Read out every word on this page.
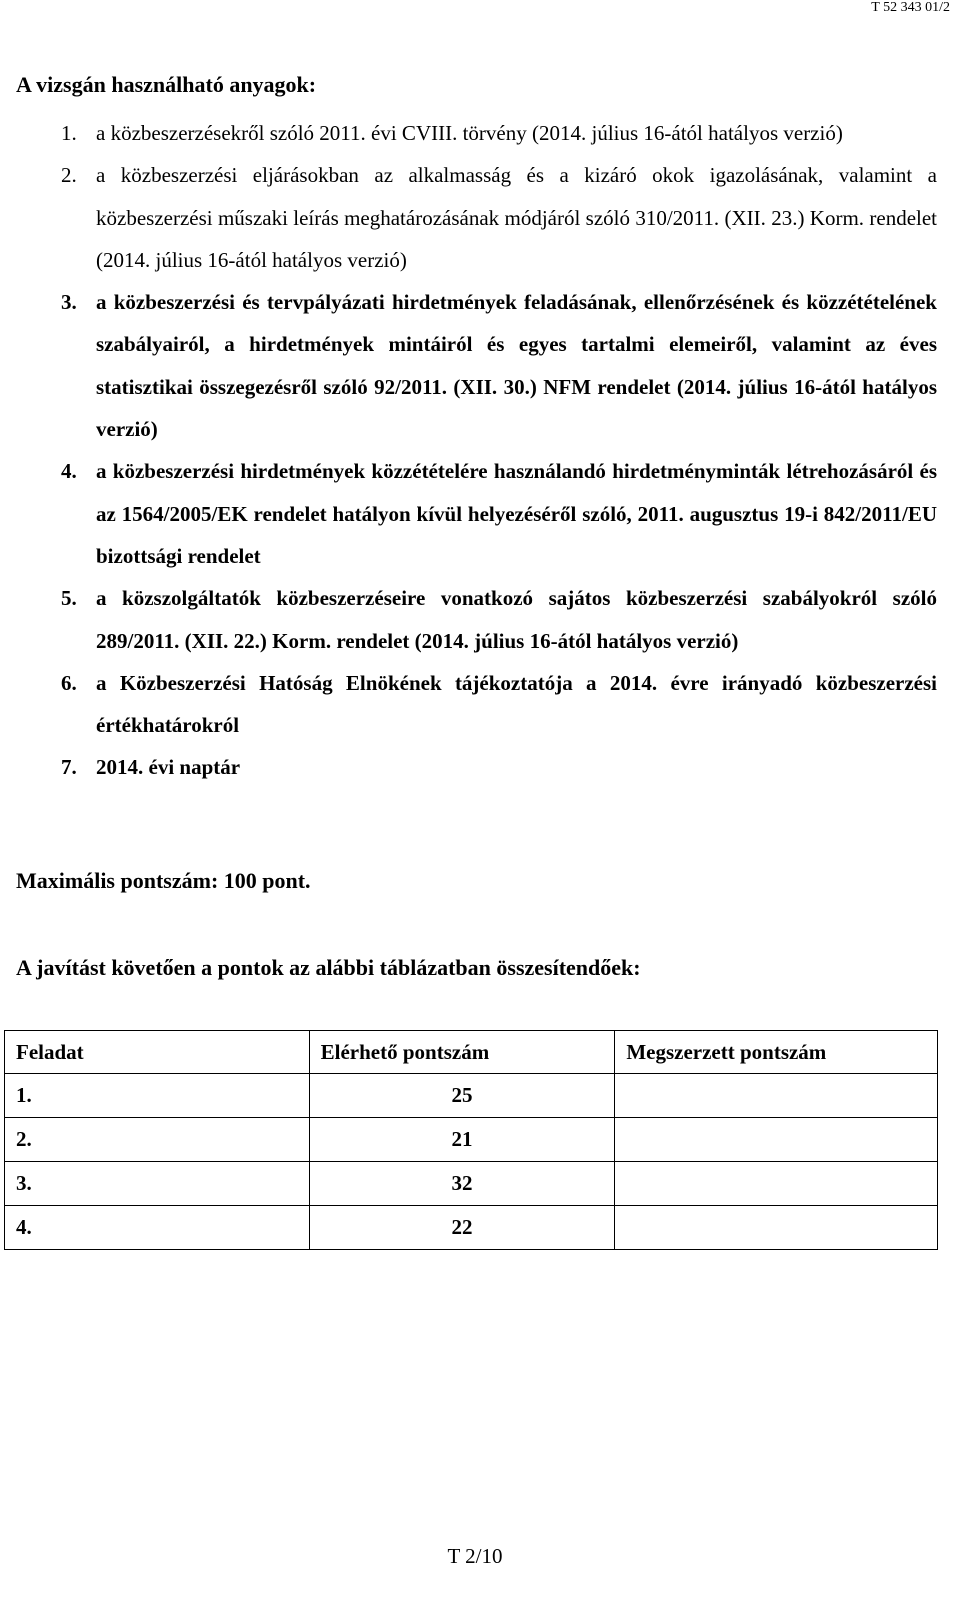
T 52 343 01/2
A vizsgán használható anyagok:
1. a közbeszerzésekről szóló 2011. évi CVIII. törvény (2014. július 16-ától hatályos verzió)
2. a közbeszerzési eljárásokban az alkalmasság és a kizáró okok igazolásának, valamint a közbeszerzési műszaki leírás meghatározásának módjáról szóló 310/2011. (XII. 23.) Korm. rendelet (2014. július 16-ától hatályos verzió)
3. a közbeszerzési és tervpályázati hirdetmények feladásának, ellenőrzésének és közzétételének szabályairól, a hirdetmények mintáiról és egyes tartalmi elemeiről, valamint az éves statisztikai összegezésről szóló 92/2011. (XII. 30.) NFM rendelet (2014. július 16-ától hatályos verzió)
4. a közbeszerzési hirdetmények közzétételére használandó hirdetményminták létrehozásáról és az 1564/2005/EK rendelet hatályon kívül helyezéséről szóló, 2011. augusztus 19-i 842/2011/EU bizottsági rendelet
5. a közszolgáltatók közbeszerzéseire vonatkozó sajátos közbeszerzési szabályokról szóló 289/2011. (XII. 22.) Korm. rendelet (2014. július 16-ától hatályos verzió)
6. a Közbeszerzési Hatóság Elnökének tájékoztatója a 2014. évre irányadó közbeszerzési értékhatárokról
7. 2014. évi naptár
Maximális pontszám: 100 pont.
A javítást követően a pontok az alábbi táblázatban összesítendőek:
Feladat	Elérhető pontszám	Megszerzett pontszám
1.	25	
2.	21	
3.	32	
4.	22	
T 2/10
